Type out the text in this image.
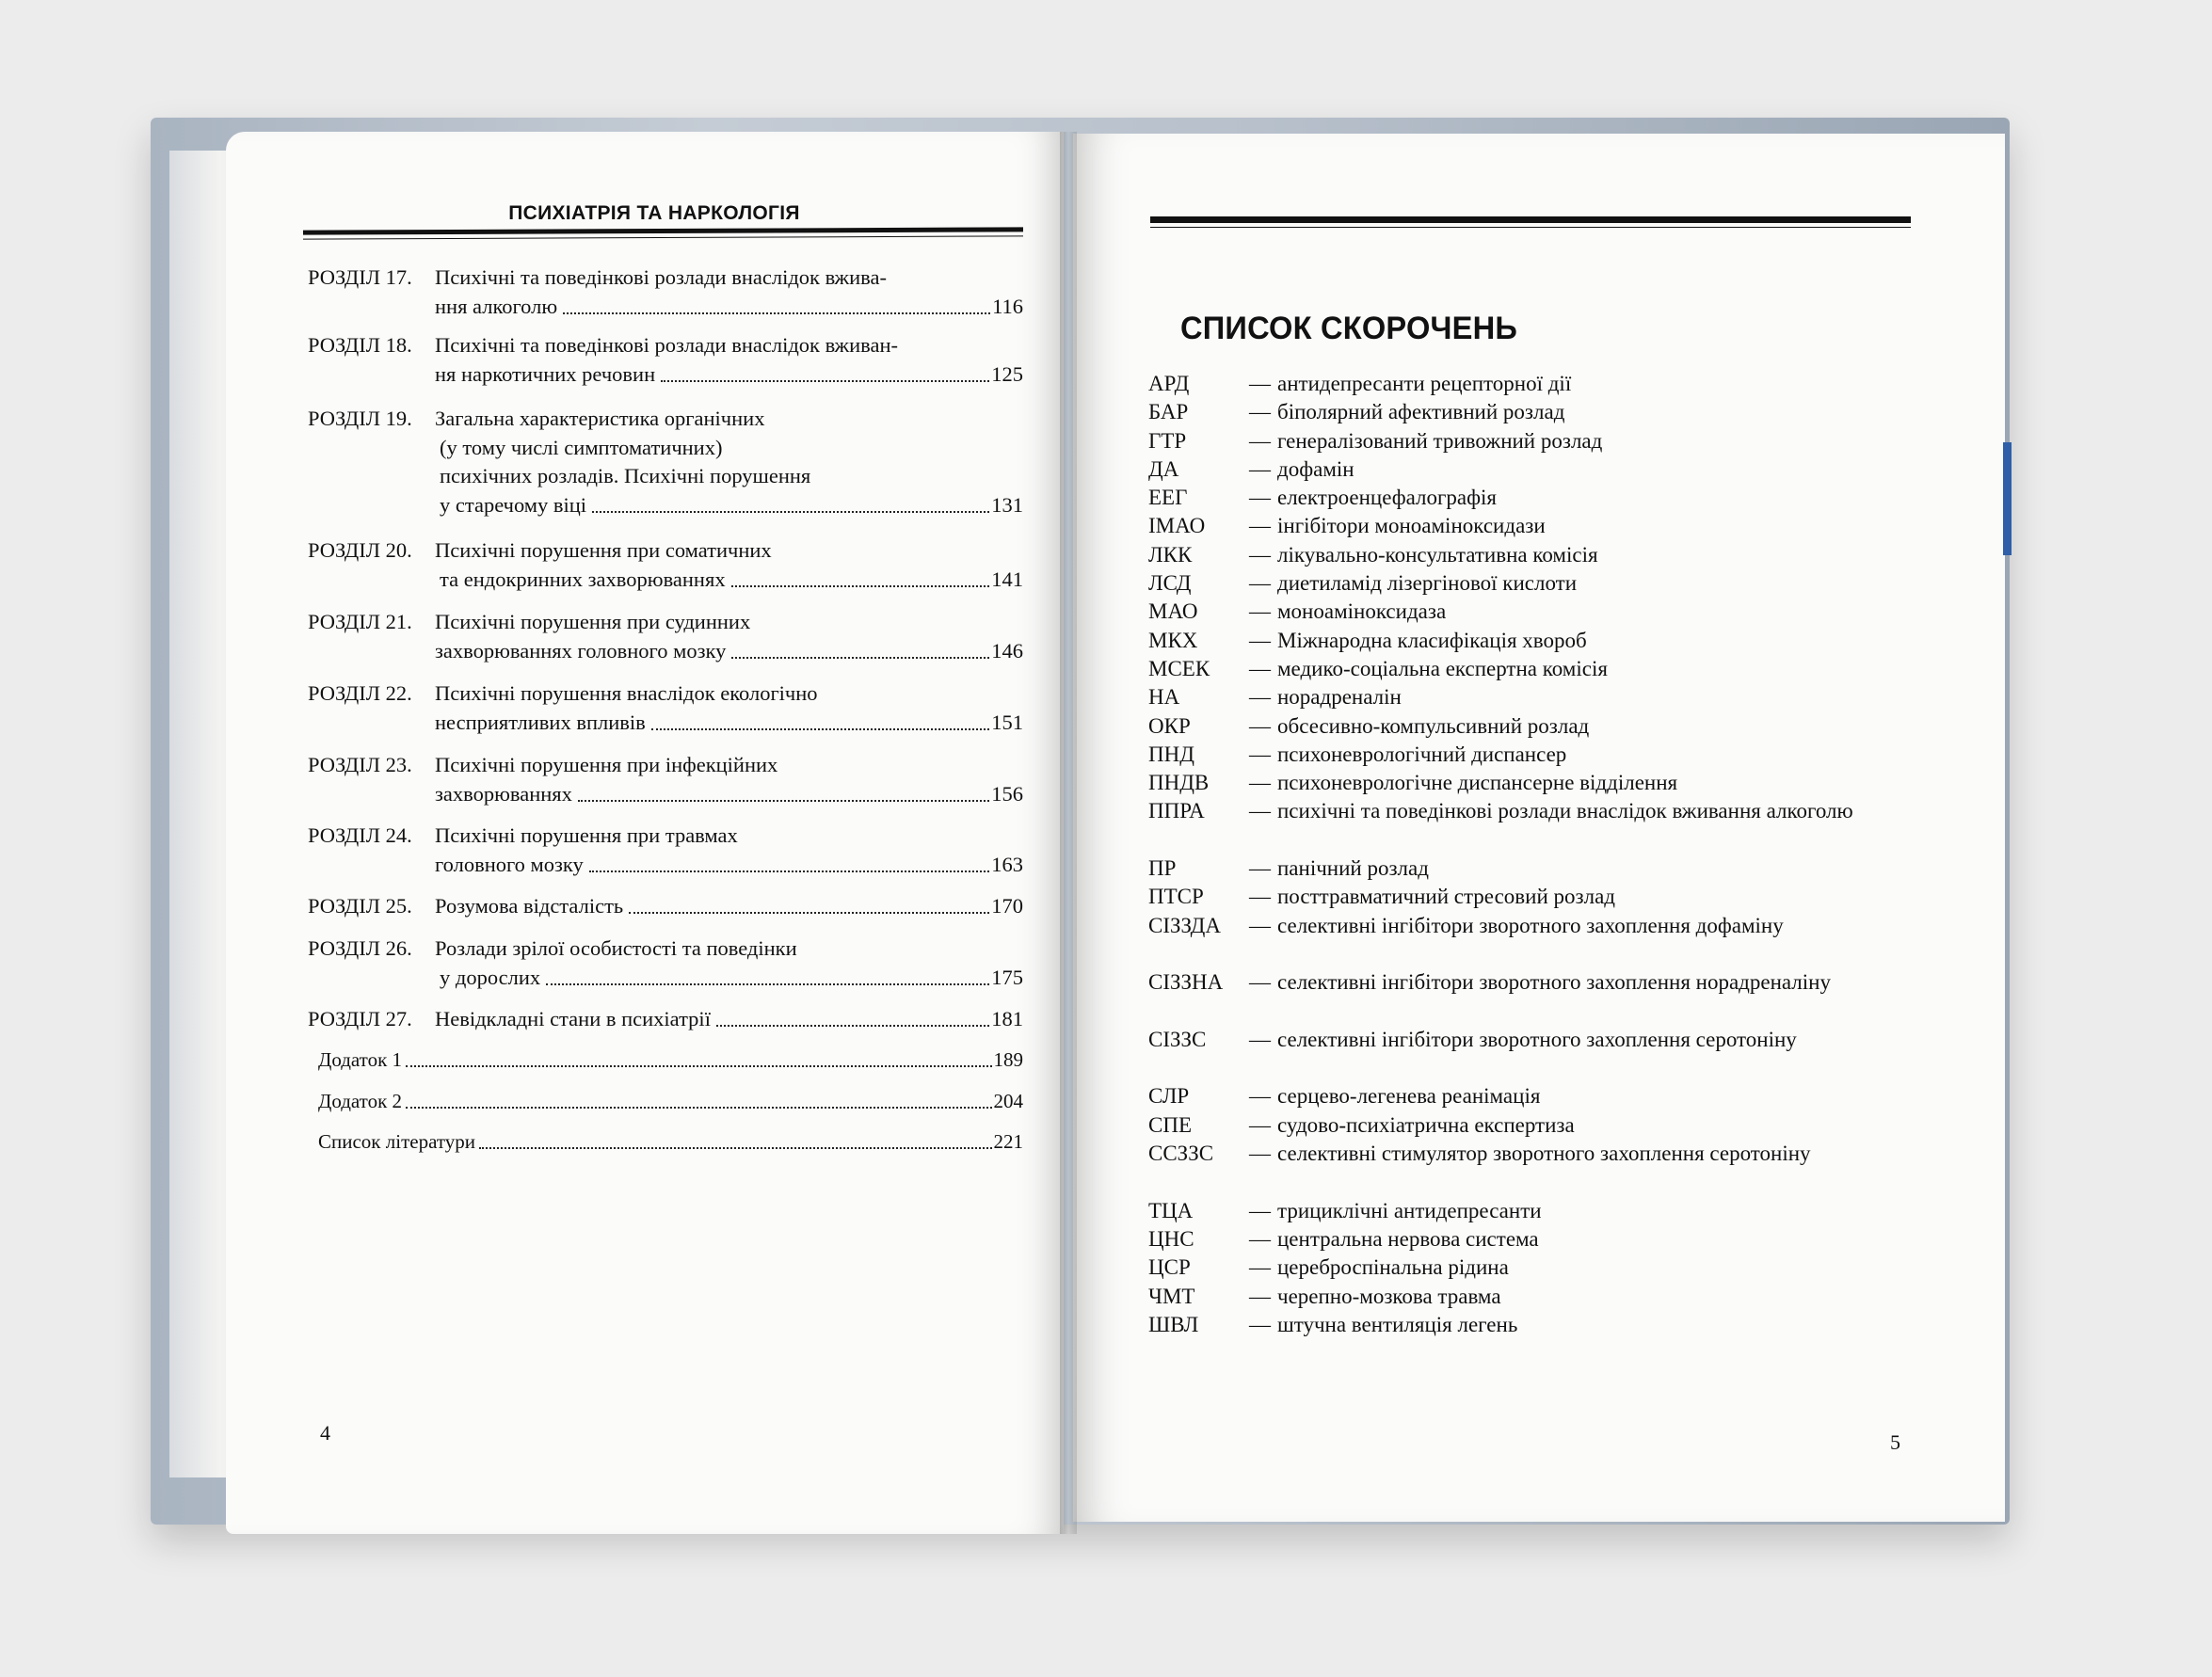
ПСИХІАТРІЯ ТА НАРКОЛОГІЯ
РОЗДІЛ 17. Психічні та поведінкові розлади внаслідок вжива-
ння алкоголю	116
РОЗДІЛ 18. Психічні та поведінкові розлади внаслідок вживан-
ня наркотичних речовин	125
РОЗДІЛ 19. Загальна характеристика органічних
(у тому числі симптоматичних)
психічних розладів. Психічні порушення
у старечому віці	131
РОЗДІЛ 20. Психічні порушення при соматичних
та ендокринних захворюваннях	141
РОЗДІЛ 21. Психічні порушення при судинних
захворюваннях головного мозку	146
РОЗДІЛ 22. Психічні порушення внаслідок екологічно
несприятливих впливів	151
РОЗДІЛ 23. Психічні порушення при інфекційних
захворюваннях	156
РОЗДІЛ 24. Психічні порушення при травмах
головного мозку	163
РОЗДІЛ 25. Розумова відсталість	170
РОЗДІЛ 26. Розлади зрілої особистості та поведінки
у дорослих	175
РОЗДІЛ 27. Невідкладні стани в психіатрії	181
Додаток 1	189
Додаток 2	204
Список літератури	221
4
СПИСОК СКОРОЧЕНЬ
АРД	— антидепресанти рецепторної дії
БАР	— біполярний афективний розлад
ГТР	— генералізований тривожний розлад
ДА	— дофамін
ЕЕГ	— електроенцефалографія
ІМАО — інгібітори моноаміноксидази
ЛКК	— лікувально-консультативна комісія
ЛСД	— диетиламід лізергінової кислоти
МАО — моноаміноксидаза
МКХ — Міжнародна класифікація хвороб
МСЕК — медико-соціальна експертна комісія
НА	— норадреналін
ОКР	— обсесивно-компульсивний розлад
ПНД	— психоневрологічний диспансер
ПНДВ — психоневрологічне диспансерне відділення
ППРА — психічні та поведінкові розлади внаслідок вживання алкоголю
ПР	— панічний розлад
ПТСР — посттравматичний стресовий розлад
СІЗЗДА — селективні інгібітори зворотного захоплення дофаміну
СІЗЗНА — селективні інгібітори зворотного захоплення норадреналіну
СІЗЗС — селективні інгібітори зворотного захоплення серотоніну
СЛР	— серцево-легенева реанімація
СПЕ	— судово-психіатрична експертиза
ССЗЗС — селективні стимулятор зворотного захоплення серотоніну
ТЦА	— трициклічні антидепресанти
ЦНС	— центральна нервова система
ЦСР	— цереброспінальна рідина
ЧМТ	— черепно-мозкова травма
ШВЛ — штучна вентиляція легень
5
